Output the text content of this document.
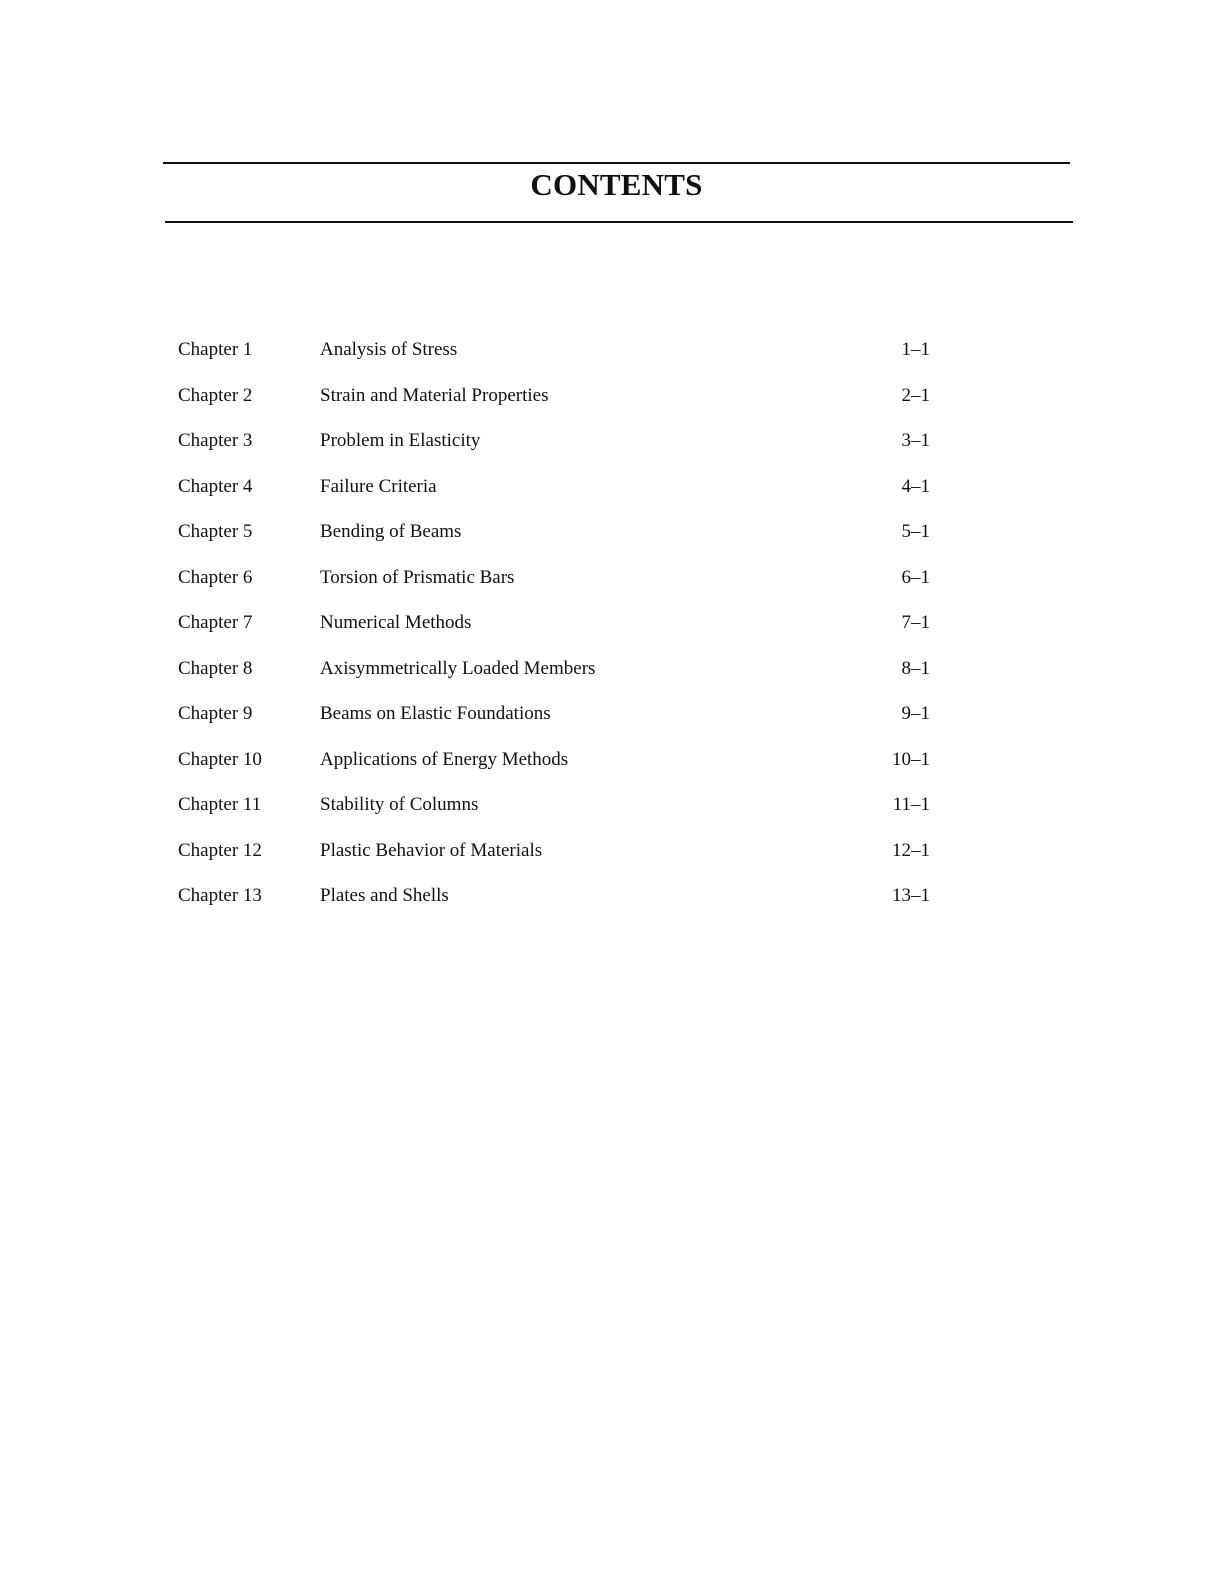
CONTENTS
Chapter 1	Analysis of Stress	1–1
Chapter 2	Strain and Material Properties	2–1
Chapter 3	Problem in Elasticity	3–1
Chapter 4	Failure Criteria	4–1
Chapter 5	Bending of Beams	5–1
Chapter 6	Torsion of Prismatic Bars	6–1
Chapter 7	Numerical Methods	7–1
Chapter 8	Axisymmetrically Loaded Members	8–1
Chapter 9	Beams on Elastic Foundations	9–1
Chapter 10	Applications of Energy Methods	10–1
Chapter 11	Stability of Columns	11–1
Chapter 12	Plastic Behavior of Materials	12–1
Chapter 13	Plates and Shells	13–1
